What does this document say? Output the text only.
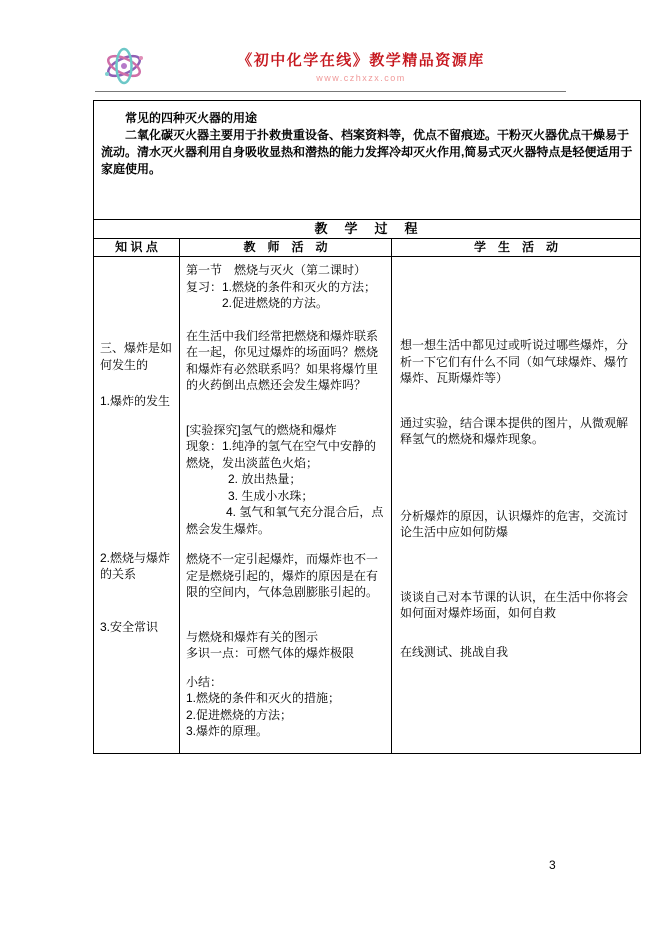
《初中化学在线》教学精品资源库
www.czhxzx.com

常见的四种灭火器的用途

二氧化碳灭火器主要用于扑救贵重设备、档案资料等，优点不留痕迹。干粉灭火器优点干燥易于流动。清水灭火器利用自身吸收显热和潜热的能力发挥冷却灭火作用,简易式灭火器特点是轻便适用于家庭使用。

教　学　过　程
知 识 点	教　师　活　动	学　生　活　动

三、爆炸是如何发生的

1.爆炸的发生

2.燃烧与爆炸的关系

3.安全常识

第一节　燃烧与灭火（第二课时）

复习：1.燃烧的条件和灭火的方法；

2.促进燃烧的方法。

在生活中我们经常把燃烧和爆炸联系在一起，你见过爆炸的场面吗？燃烧和爆炸有必然联系吗？如果将爆竹里的火药倒出点燃还会发生爆炸吗？

[实验探究]氢气的燃烧和爆炸

现象：1.纯净的氢气在空气中安静的燃烧，发出淡蓝色火焰；

2. 放出热量；

3. 生成小水珠；

4. 氢气和氧气充分混合后，点燃会发生爆炸。

燃烧不一定引起爆炸，而爆炸也不一定是燃烧引起的，爆炸的原因是在有限的空间内，气体急剧膨胀引起的。

与燃烧和爆炸有关的图示

多识一点：可燃气体的爆炸极限

小结：

1.燃烧的条件和灭火的措施；

2.促进燃烧的方法；

3.爆炸的原理。

想一想生活中都见过或听说过哪些爆炸，分析一下它们有什么不同（如气球爆炸、爆竹爆炸、瓦斯爆炸等）

通过实验，结合课本提供的图片，从微观解释氢气的燃烧和爆炸现象。

分析爆炸的原因，认识爆炸的危害，交流讨论生活中应如何防爆

谈谈自己对本节课的认识，在生活中你将会如何面对爆炸场面，如何自救

在线测试、挑战自我

3
